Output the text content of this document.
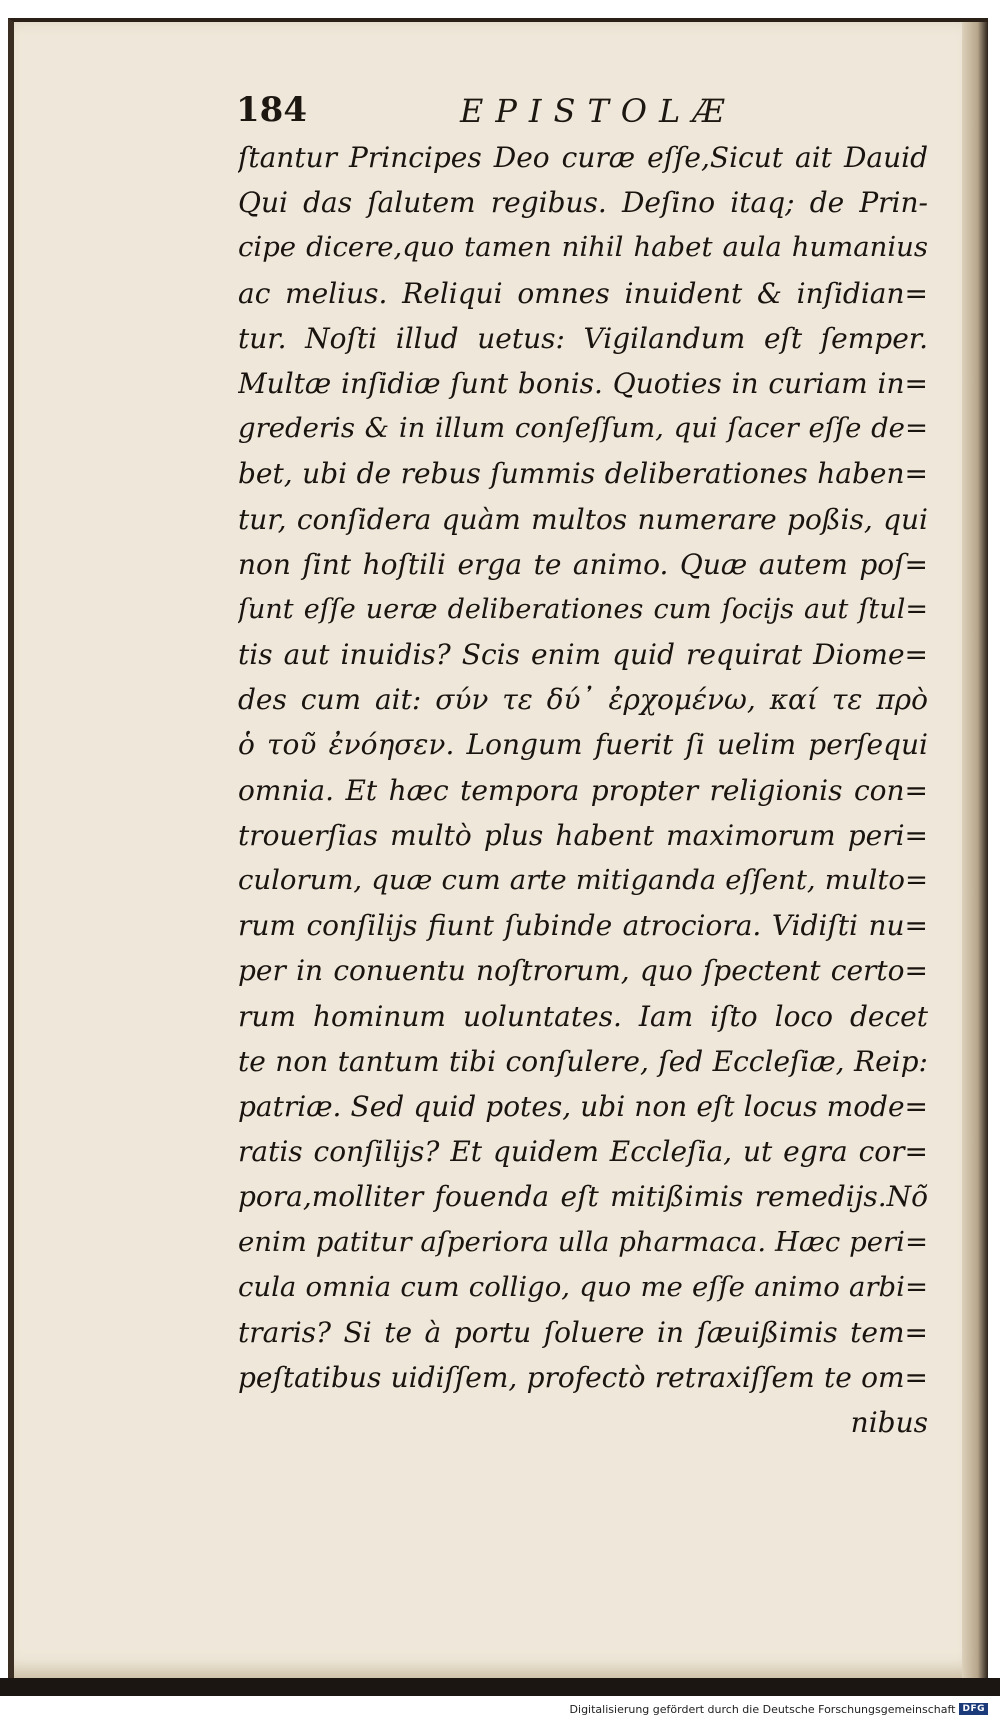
184	EPISTOLÆ
ſtantur Principes Deo curæ eſſe,Sicut ait Dauid
Qui das ſalutem regibus. Deſino itaq; de Prin-
cipe dicere,quo tamen nihil habet aula humanius
ac melius. Reliqui omnes inuident & inſidian=
tur. Noſti illud uetus: Vigilandum eſt ſemper.
Multæ inſidiæ ſunt bonis. Quoties in curiam in=
grederis & in illum conſeſſum, qui ſacer eſſe de=
bet, ubi de rebus ſummis deliberationes haben=
tur, conſidera quàm multos numerare poßis, qui
non ſint hoſtili erga te animo. Quæ autem poſ=
ſunt eſſe ueræ deliberationes cum ſocijs aut ſtul=
tis aut inuidis? Scis enim quid requirat Diome=
des cum ait: σύν τε δύ᾽ ἐρχομένω, καί τε πρὸ
ὁ τοῦ ἐνόησεν. Longum fuerit ſi uelim perſequi
omnia. Et hæc tempora propter religionis con=
trouerſias multò plus habent maximorum peri=
culorum, quæ cum arte mitiganda eſſent, multo=
rum conſilijs fiunt ſubinde atrociora. Vidiſti nu=
per in conuentu noſtrorum, quo ſpectent certo=
rum hominum uoluntates. Iam iſto loco decet
te non tantum tibi conſulere, ſed Eccleſiæ, Reip:
patriæ. Sed quid potes, ubi non eſt locus mode=
ratis conſilijs? Et quidem Eccleſia, ut egra cor=
pora,molliter fouenda eſt mitißimis remedijs.Nõ
enim patitur aſperiora ulla pharmaca. Hæc peri=
cula omnia cum colligo, quo me eſſe animo arbi=
traris? Si te à portu ſoluere in ſæuißimis tem=
peſtatibus uidiſſem, profectò retraxiſſem te om=
nibus
Digitalisierung gefördert durch die Deutsche Forschungsgemeinschaft DFG
